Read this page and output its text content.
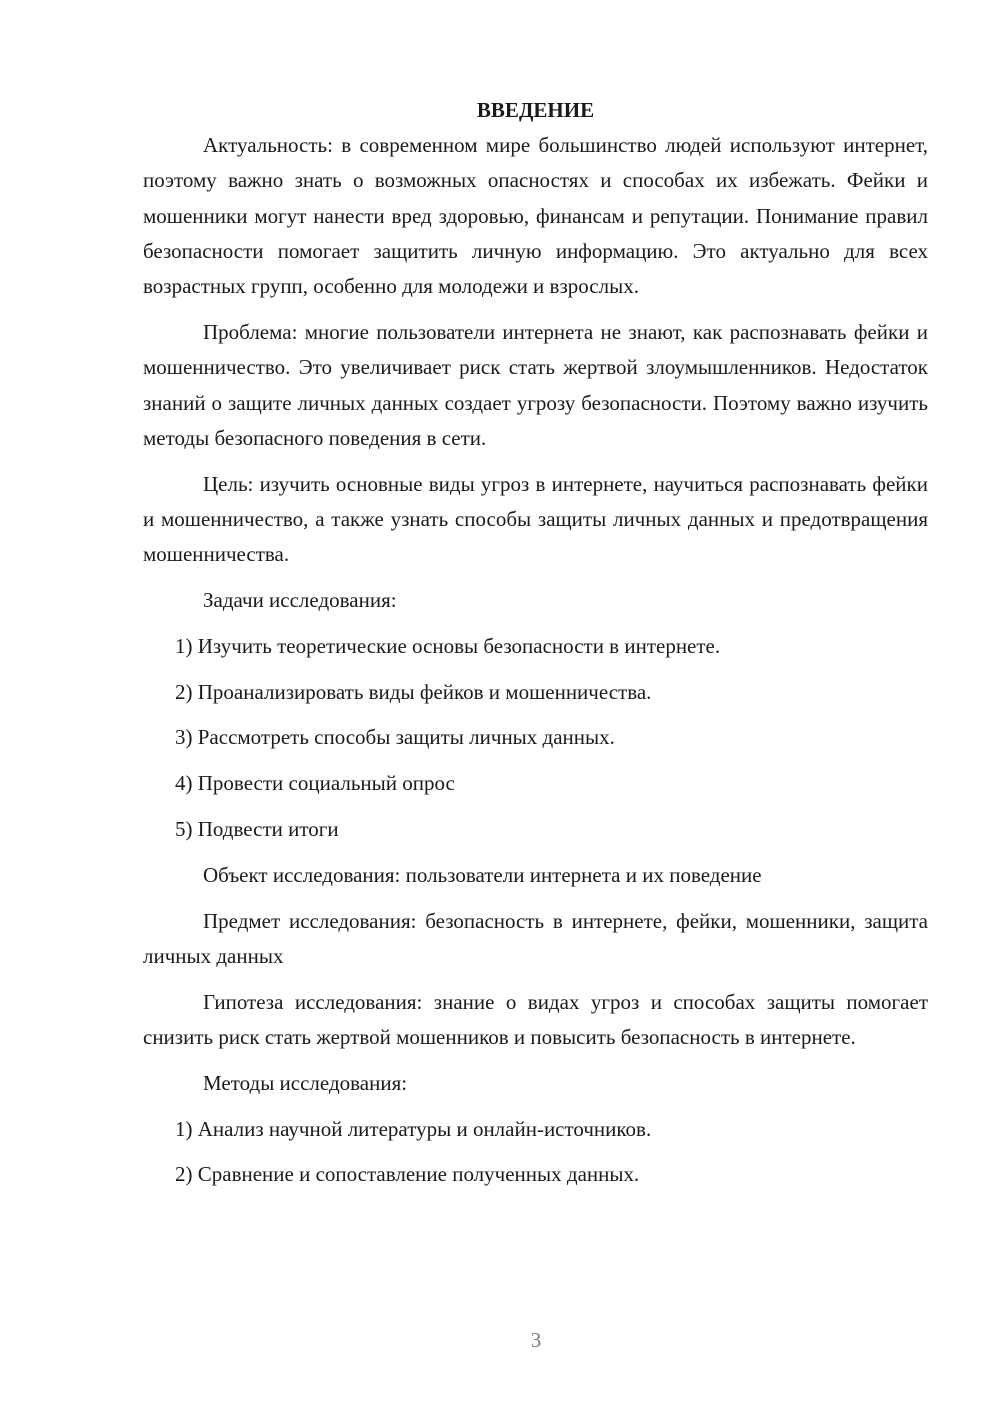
ВВЕДЕНИЕ

Актуальность: в современном мире большинство людей используют интернет, поэтому важно знать о возможных опасностях и способах их избежать. Фейки и мошенники могут нанести вред здоровью, финансам и репутации. Понимание правил безопасности помогает защитить личную информацию. Это актуально для всех возрастных групп, особенно для молодежи и взрослых.

Проблема: многие пользователи интернета не знают, как распознавать фейки и мошенничество. Это увеличивает риск стать жертвой злоумышленников. Недостаток знаний о защите личных данных создает угрозу безопасности. Поэтому важно изучить методы безопасного поведения в сети.

Цель: изучить основные виды угроз в интернете, научиться распознавать фейки и мошенничество, а также узнать способы защиты личных данных и предотвращения мошенничества.

Задачи исследования:

1) Изучить теоретические основы безопасности в интернете.
2) Проанализировать виды фейков и мошенничества.
3) Рассмотреть способы защиты личных данных.
4) Провести социальный опрос
5) Подвести итоги

Объект исследования: пользователи интернета и их поведение

Предмет исследования: безопасность в интернете, фейки, мошенники, защита личных данных

Гипотеза исследования: знание о видах угроз и способах защиты помогает снизить риск стать жертвой мошенников и повысить безопасность в интернете.

Методы исследования:

1) Анализ научной литературы и онлайн-источников.
2) Сравнение и сопоставление полученных данных.
3
